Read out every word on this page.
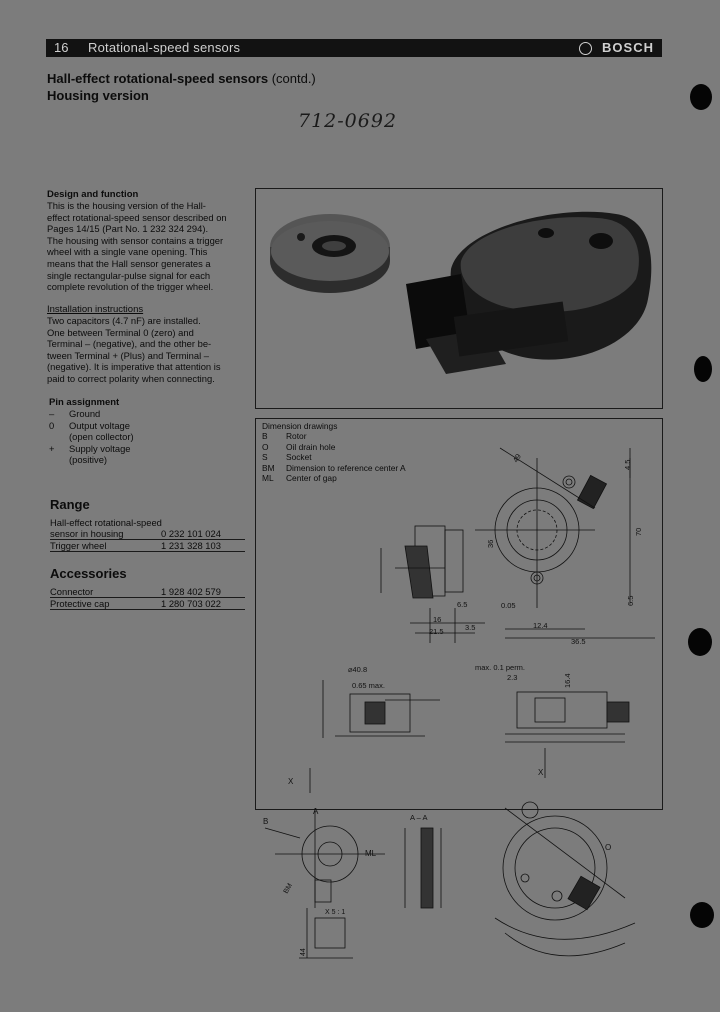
16 Rotational-speed sensors	BOSCH
Hall-effect rotational-speed sensors (contd.)
Housing version
712-0692
Design and function
This is the housing version of the Hall-
effect rotational-speed sensor described on
Pages 14/15 (Part No. 1 232 324 294).
The housing with sensor contains a trigger
wheel with a single vane opening. This
means that the Hall sensor generates a
single rectangular-pulse signal for each
complete revolution of the trigger wheel.
Installation instructions
Two capacitors (4.7 nF) are installed.
One between Terminal 0 (zero) and
Terminal – (negative), and the other be-
tween Terminal + (Plus) and Terminal –
(negative). It is imperative that attention is
paid to correct polarity when connecting.
Pin assignment
– Ground
0 Output voltage
(open collector)
+ Supply voltage
(positive)
Range
Hall-effect rotational-speed
sensor in housing	0 232 101 024
Trigger wheel	1 231 328 103
Accessories
Connector	1 928 402 579
Protective cap	1 280 703 022
Dimension drawings
B Rotor
O Oil drain hole
S Socket
BM Dimension to reference center A
ML Center of gap
49
4.5
70
6.5
36
0.05
12.4
36.5
21.5	3.5
16
6.5
⌀40.8
0.65 max.
max. 0.1 perm.
2.3	16.4
X
X
A – A
B
A
ML
BM
O
X 5 : 1
44
